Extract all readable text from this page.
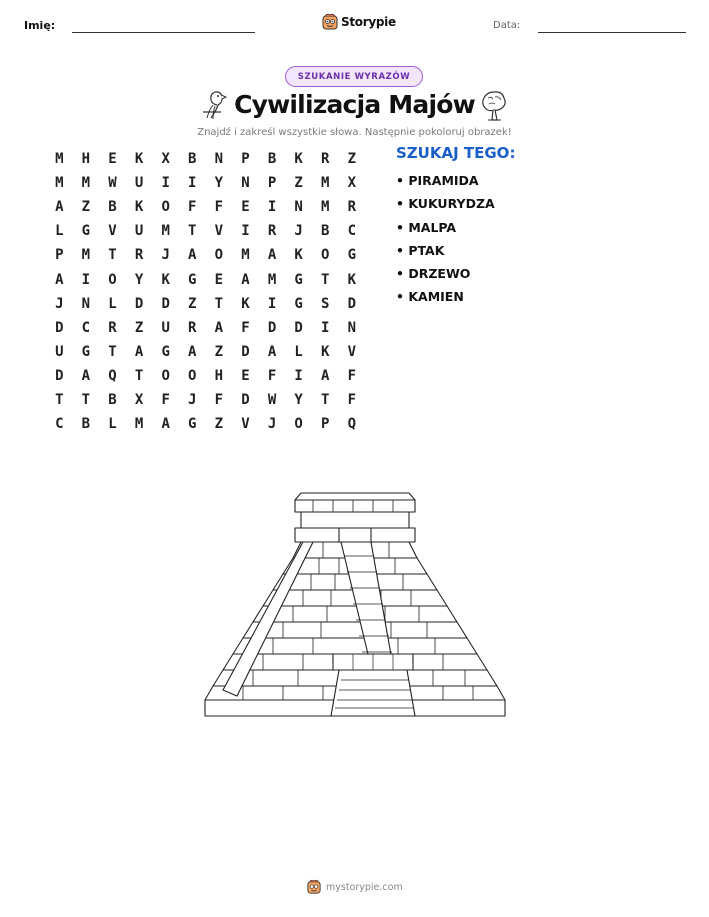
Imię:	Storypie	Data:
SZUKANIE WYRAZÓW
Cywilizacja Majów
Znajdź i zakreśl wszystkie słowa. Następnie pokoloruj obrazek!
M	H	E	K	X	B	N	P	B	K	R	Z
M	M	W	U	I	I	Y	N	P	Z	M	X
A	Z	B	K	O	F	F	E	I	N	M	R
L	G	V	U	M	T	V	I	R	J	B	C
P	M	T	R	J	A	O	M	A	K	O	G
A	I	O	Y	K	G	E	A	M	G	T	K
J	N	L	D	D	Z	T	K	I	G	S	D
D	C	R	Z	U	R	A	F	D	D	I	N
U	G	T	A	G	A	Z	D	A	L	K	V
D	A	Q	T	O	O	H	E	F	I	A	F
T	T	B	X	F	J	F	D	W	Y	T	F
C	B	L	M	A	G	Z	V	J	O	P	Q
SZUKAJ TEGO:
• PIRAMIDA
• KUKURYDZA
• MALPA
• PTAK
• DRZEWO
• KAMIEN
mystorypie.com
